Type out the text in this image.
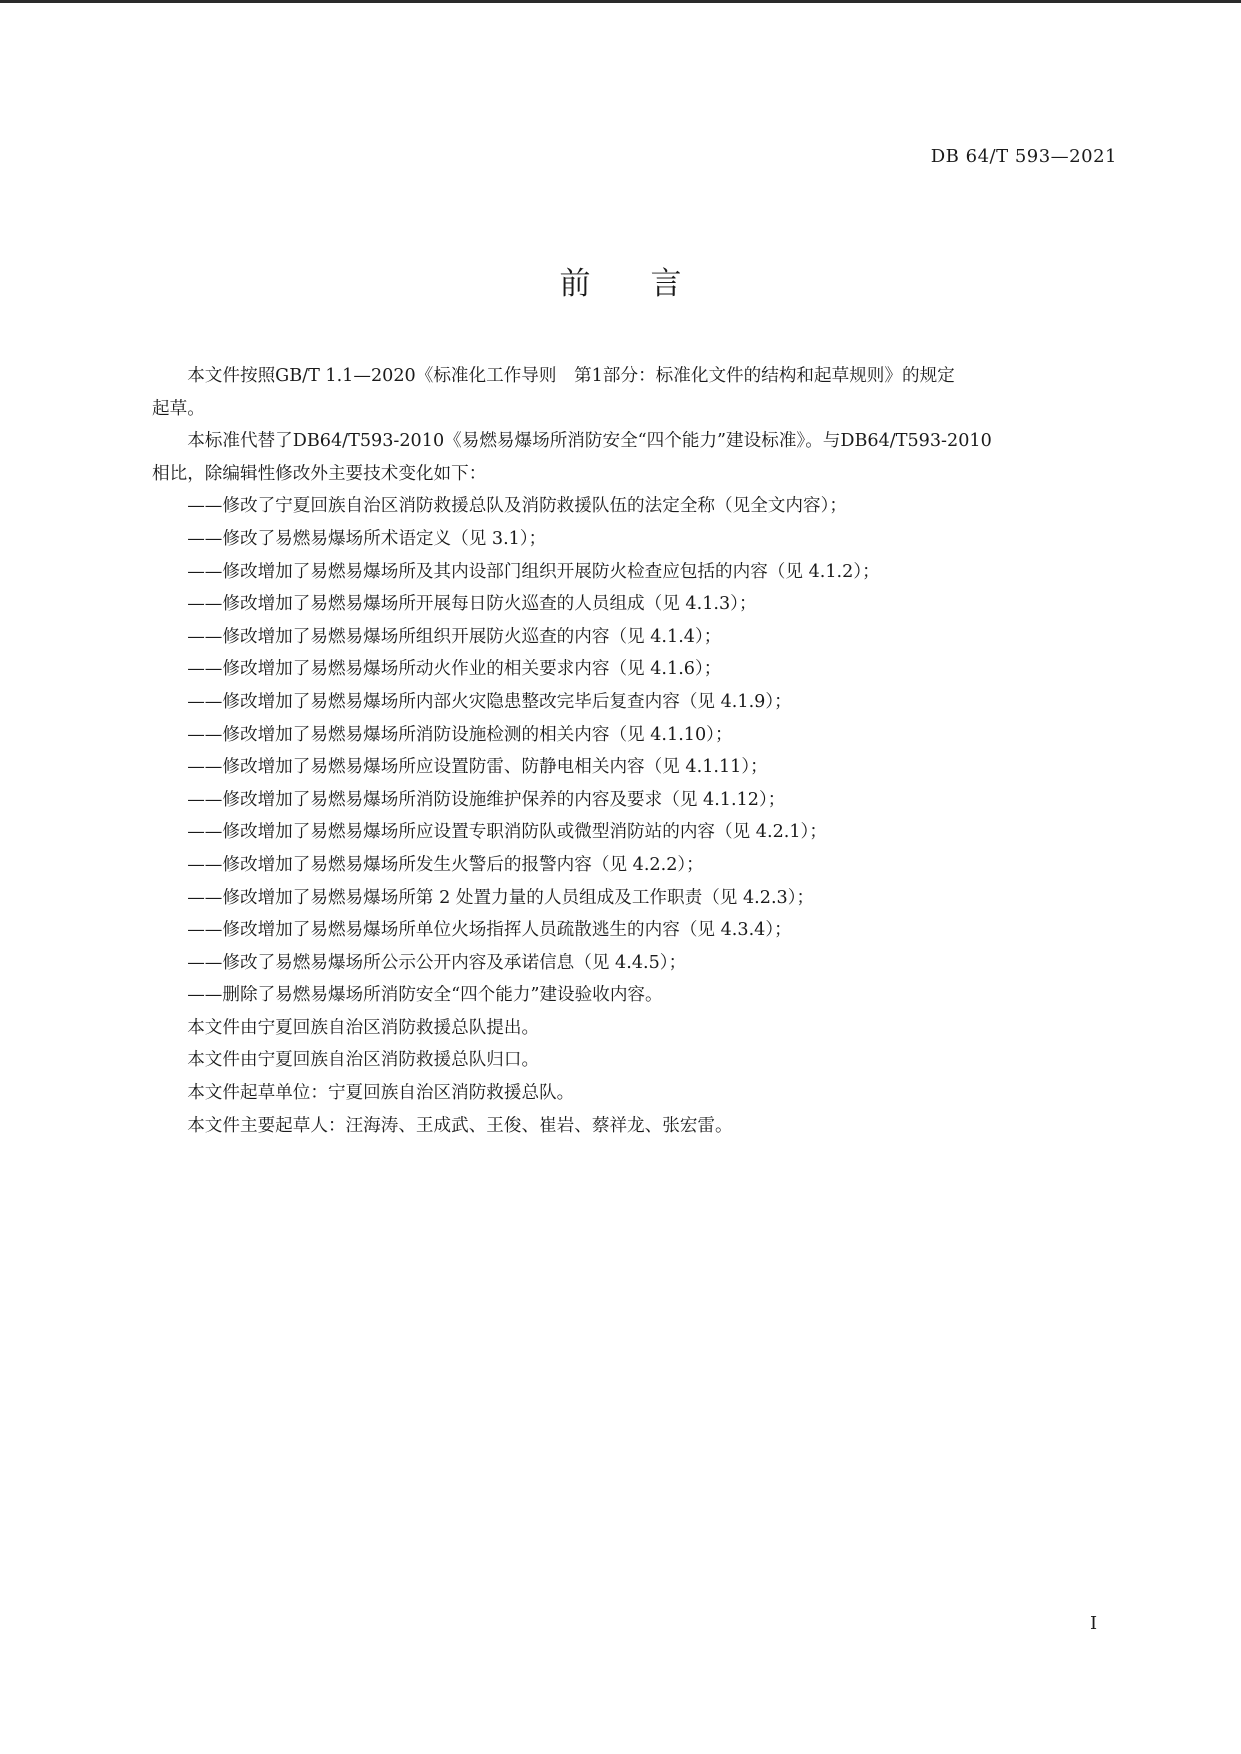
DB 64/T 593—2021
前言

本文件按照GB/T 1.1—2020《标准化工作导则　第1部分：标准化文件的结构和起草规则》的规定

起草。

本标准代替了DB64/T593-2010《易燃易爆场所消防安全“四个能力”建设标准》。与DB64/T593-2010

相比，除编辑性修改外主要技术变化如下：

——修改了宁夏回族自治区消防救援总队及消防救援队伍的法定全称（见全文内容）；

——修改了易燃易爆场所术语定义（见 3.1）；

——修改增加了易燃易爆场所及其内设部门组织开展防火检查应包括的内容（见 4.1.2）；

——修改增加了易燃易爆场所开展每日防火巡查的人员组成（见 4.1.3）；

——修改增加了易燃易爆场所组织开展防火巡查的内容（见 4.1.4）；

——修改增加了易燃易爆场所动火作业的相关要求内容（见 4.1.6）；

——修改增加了易燃易爆场所内部火灾隐患整改完毕后复查内容（见 4.1.9）；

——修改增加了易燃易爆场所消防设施检测的相关内容（见 4.1.10）；

——修改增加了易燃易爆场所应设置防雷、防静电相关内容（见 4.1.11）；

——修改增加了易燃易爆场所消防设施维护保养的内容及要求（见 4.1.12）；

——修改增加了易燃易爆场所应设置专职消防队或微型消防站的内容（见 4.2.1）；

——修改增加了易燃易爆场所发生火警后的报警内容（见 4.2.2）；

——修改增加了易燃易爆场所第 2 处置力量的人员组成及工作职责（见 4.2.3）；

——修改增加了易燃易爆场所单位火场指挥人员疏散逃生的内容（见 4.3.4）；

——修改了易燃易爆场所公示公开内容及承诺信息（见 4.4.5）；

——删除了易燃易爆场所消防安全“四个能力”建设验收内容。

本文件由宁夏回族自治区消防救援总队提出。

本文件由宁夏回族自治区消防救援总队归口。

本文件起草单位：宁夏回族自治区消防救援总队。

本文件主要起草人：汪海涛、王成武、王俊、崔岩、蔡祥龙、张宏雷。

I
